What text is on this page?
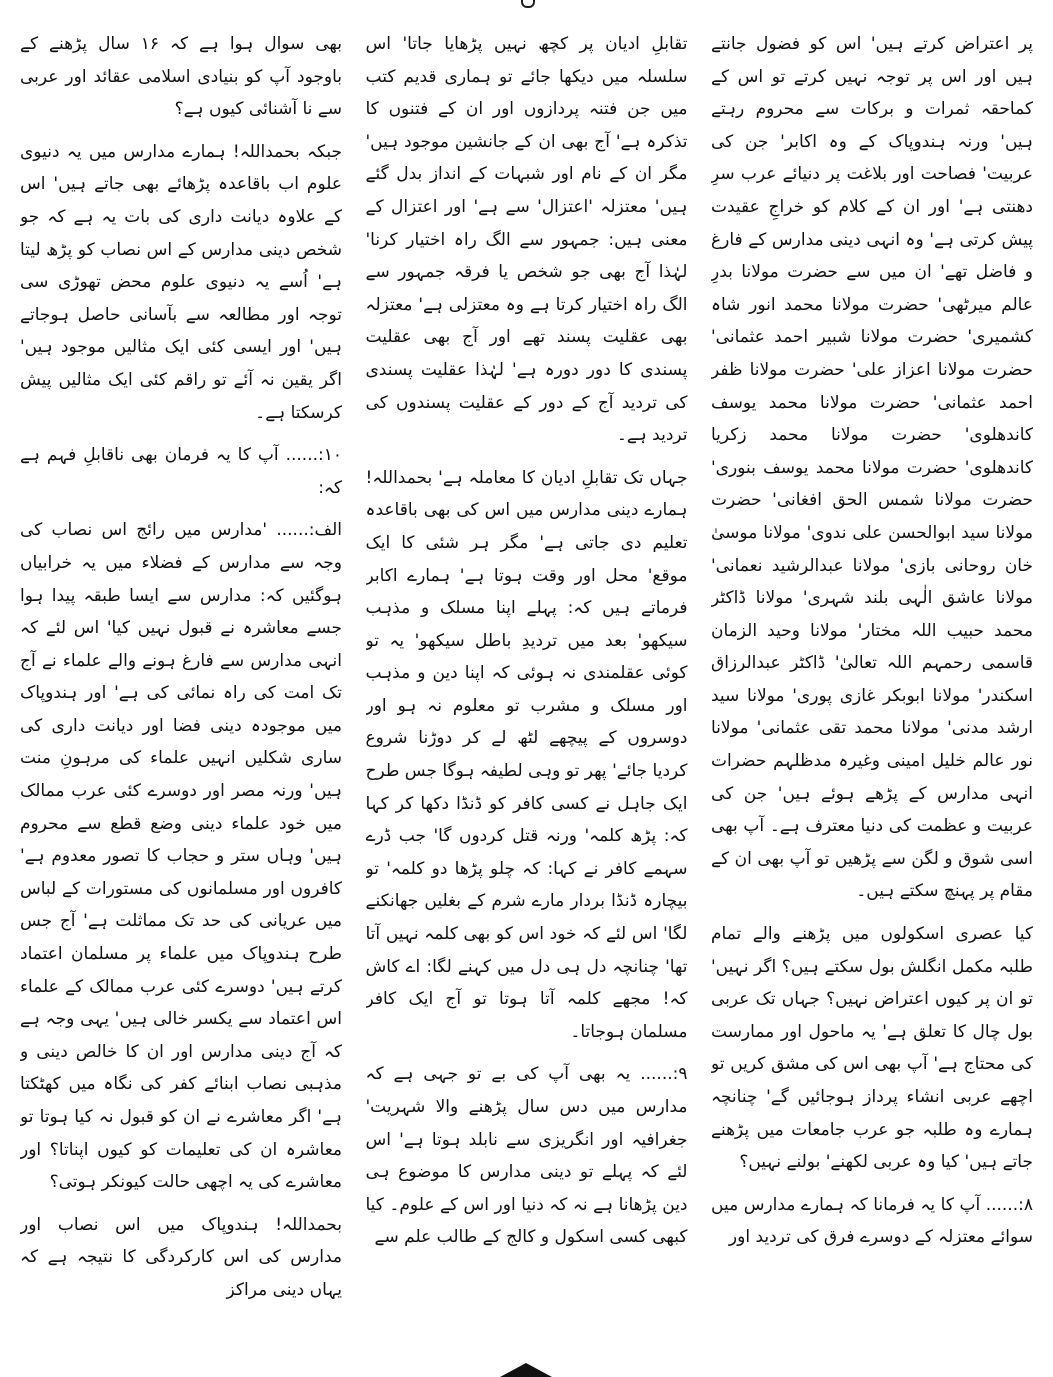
پر اعتراض کرتے ہیں' اس کو فضول جانتے ہیں اور اس پر توجہ نہیں کرتے تو اس کے کماحقہ ثمرات و برکات سے محروم رہتے ہیں' ورنہ ہندوپاک کے وہ اکابر' جن کی عربیت' فصاحت اور بلاغت پر دنیائے عرب سرِ دھنتی ہے' اور ان کے کلام کو خراجِ عقیدت پیش کرتی ہے' وہ انہی دینی مدارس کے فارغ و فاضل تھے' ان میں سے حضرت مولانا بدرِ عالم میرٹھی' حضرت مولانا محمد انور شاہ کشمیری' حضرت مولانا شبیر احمد عثمانی' حضرت مولانا اعزاز علی' حضرت مولانا ظفر احمد عثمانی' حضرت مولانا محمد یوسف کاندھلوی' حضرت مولانا محمد زکریا کاندھلوی' حضرت مولانا محمد یوسف بنوری' حضرت مولانا شمس الحق افغانی' حضرت مولانا سید ابوالحسن علی ندوی' مولانا موسیٰ خان روحانی بازی' مولانا عبدالرشید نعمانی' مولانا عاشق الٰہی بلند شہری' مولانا ڈاکٹر محمد حبیب اللہ مختار' مولانا وحید الزمان قاسمی رحمہم اللہ تعالیٰ' ڈاکٹر عبدالرزاق اسکندر' مولانا ابوبکر غازی پوری' مولانا سید ارشد مدنی' مولانا محمد تقی عثمانی' مولانا نور عالم خلیل امینی وغیرہ مدظلہم حضرات انہی مدارس کے پڑھے ہوئے ہیں' جن کی عربیت و عظمت کی دنیا معترف ہے۔ آپ بھی اسی شوق و لگن سے پڑھیں تو آپ بھی ان کے مقام پر پہنچ سکتے ہیں۔

کیا عصری اسکولوں میں پڑھنے والے تمام طلبہ مکمل انگلش بول سکتے ہیں؟ اگر نہیں' تو ان پر کیوں اعتراض نہیں؟ جہاں تک عربی بول چال کا تعلق ہے' یہ ماحول اور ممارست کی محتاج ہے' آپ بھی اس کی مشق کریں تو اچھے عربی انشاء پرداز ہوجائیں گے' چنانچہ ہمارے وہ طلبہ جو عرب جامعات میں پڑھنے جاتے ہیں' کیا وہ عربی لکھنے' بولنے نہیں؟

۸:...... آپ کا یہ فرمانا کہ ہمارے مدارس میں سوائے معتزلہ کے دوسرے فرق کی تردید اور

تقابلِ ادیان پر کچھ نہیں پڑھایا جاتا' اس سلسلہ میں دیکھا جائے تو ہماری قدیم کتب میں جن فتنہ پردازوں اور ان کے فتنوں کا تذکرہ ہے' آج بھی ان کے جانشین موجود ہیں' مگر ان کے نام اور شبہات کے انداز بدل گئے ہیں' معتزلہ 'اعتزال' سے ہے' اور اعتزال کے معنی ہیں: جمہور سے الگ راہ اختیار کرنا' لہٰذا آج بھی جو شخص یا فرقہ جمہور سے الگ راہ اختیار کرتا ہے وہ معتزلی ہے' معتزلہ بھی عقلیت پسند تھے اور آج بھی عقلیت پسندی کا دور دورہ ہے' لہٰذا عقلیت پسندی کی تردید آج کے دور کے عقلیت پسندوں کی تردید ہے۔

جہاں تک تقابلِ ادیان کا معاملہ ہے' بحمداللہ! ہمارے دینی مدارس میں اس کی بھی باقاعدہ تعلیم دی جاتی ہے' مگر ہر شئی کا ایک موقع' محل اور وقت ہوتا ہے' ہمارے اکابر فرماتے ہیں کہ: پہلے اپنا مسلک و مذہب سیکھو' بعد میں تردیدِ باطل سیکھو' یہ تو کوئی عقلمندی نہ ہوئی کہ اپنا دین و مذہب اور مسلک و مشرب تو معلوم نہ ہو اور دوسروں کے پیچھے لٹھ لے کر دوڑنا شروع کردیا جائے' پھر تو وہی لطیفہ ہوگا جس طرح ایک جاہل نے کسی کافر کو ڈنڈا دکھا کر کہا کہ: پڑھ کلمہ' ورنہ قتل کردوں گا' جب ڈرے سہمے کافر نے کہا: کہ چلو پڑھا دو کلمہ' تو بیچارہ ڈنڈا بردار مارے شرم کے بغلیں جھانکنے لگا' اس لئے کہ خود اس کو بھی کلمہ نہیں آتا تھا' چنانچہ دل ہی دل میں کہنے لگا: اے کاش کہ! مجھے کلمہ آتا ہوتا تو آج ایک کافر مسلمان ہوجاتا۔

۹:...... یہ بھی آپ کی بے تو جہی ہے کہ مدارس میں دس سال پڑھنے والا شہریت' جغرافیہ اور انگریزی سے نابلد ہوتا ہے' اس لئے کہ پہلے تو دینی مدارس کا موضوع ہی دین پڑھانا ہے نہ کہ دنیا اور اس کے علوم۔ کیا کبھی کسی اسکول و کالج کے طالب علم سے

بھی سوال ہوا ہے کہ ۱۶ سال پڑھنے کے باوجود آپ کو بنیادی اسلامی عقائد اور عربی سے نا آشنائی کیوں ہے؟

جبکہ بحمداللہ! ہمارے مدارس میں یہ دنیوی علوم اب باقاعدہ پڑھائے بھی جاتے ہیں' اس کے علاوہ دیانت داری کی بات یہ ہے کہ جو شخص دینی مدارس کے اس نصاب کو پڑھ لیتا ہے' اُسے یہ دنیوی علوم محض تھوڑی سی توجہ اور مطالعہ سے بآسانی حاصل ہوجاتے ہیں' اور ایسی کئی ایک مثالیں موجود ہیں' اگر یقین نہ آئے تو راقم کئی ایک مثالیں پیش کرسکتا ہے۔

۱۰:...... آپ کا یہ فرمان بھی ناقابلِ فہم ہے کہ:

الف:...... 'مدارس میں رائج اس نصاب کی وجہ سے مدارس کے فضلاء میں یہ خرابیاں ہوگئیں کہ: مدارس سے ایسا طبقہ پیدا ہوا جسے معاشرہ نے قبول نہیں کیا' اس لئے کہ انہی مدارس سے فارغ ہونے والے علماء نے آج تک امت کی راہ نمائی کی ہے' اور ہندوپاک میں موجودہ دینی فضا اور دیانت داری کی ساری شکلیں انہیں علماء کی مرہونِ منت ہیں' ورنہ مصر اور دوسرے کئی عرب ممالک میں خود علماء دینی وضع قطع سے محروم ہیں' وہاں ستر و حجاب کا تصور معدوم ہے' کافروں اور مسلمانوں کی مستورات کے لباس میں عریانی کی حد تک مماثلت ہے' آج جس طرح ہندوپاک میں علماء پر مسلمان اعتماد کرتے ہیں' دوسرے کئی عرب ممالک کے علماء اس اعتماد سے یکسر خالی ہیں' یہی وجہ ہے کہ آج دینی مدارس اور ان کا خالص دینی و مذہبی نصاب ابنائے کفر کی نگاہ میں کھٹکتا ہے' اگر معاشرے نے ان کو قبول نہ کیا ہوتا تو معاشرہ ان کی تعلیمات کو کیوں اپناتا؟ اور معاشرے کی یہ اچھی حالت کیونکر ہوتی؟

بحمداللہ! ہندوپاک میں اس نصاب اور مدارس کی اس کارکردگی کا نتیجہ ہے کہ یہاں دینی مراکز
